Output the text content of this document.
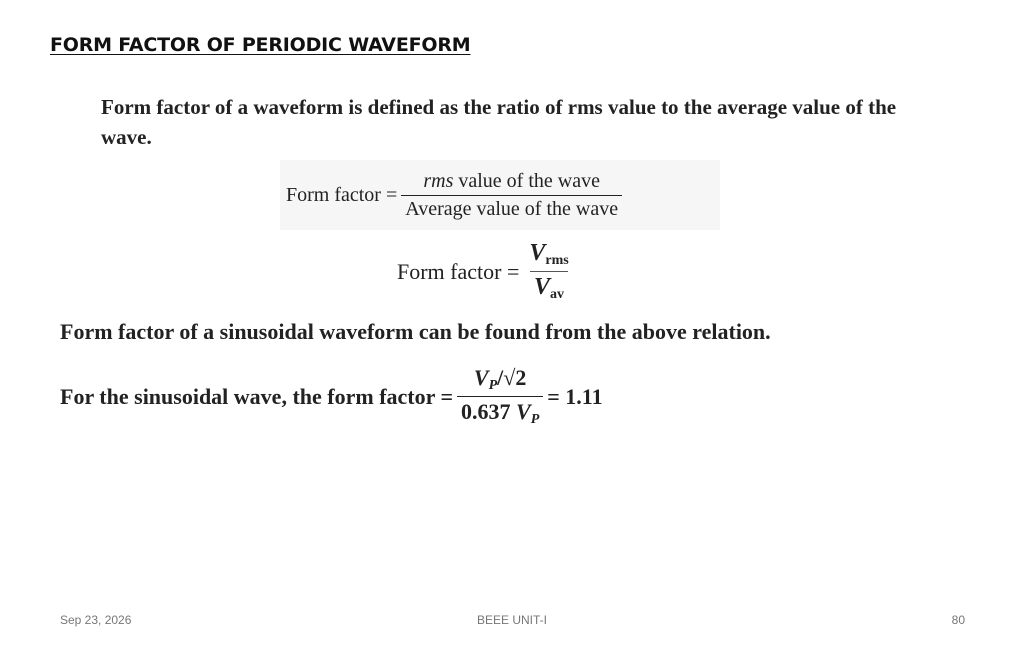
FORM FACTOR OF PERIODIC WAVEFORM
Form factor of a waveform is defined as the ratio of rms value to the average value of the wave.
Form factor = $\frac{\text{rms value of the wave}}{\text{Average value of the wave}}$
Form factor = $\frac{V_{rms}}{V_{av}}$
Form factor of a sinusoidal waveform can be found from the above relation.
For the sinusoidal wave, the form factor = $\frac{V_P/√2}{0.637 V_P} = 1.11$
Sep 23, 2026	BEEE UNIT-I	80
